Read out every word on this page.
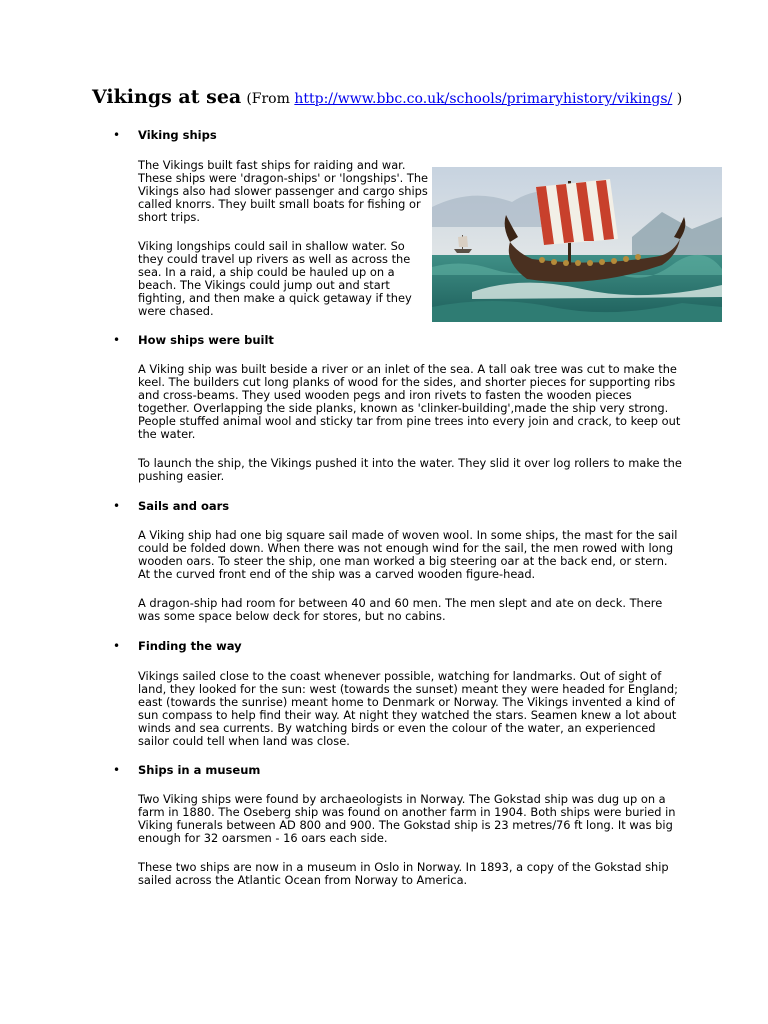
Vikings at sea (From http://www.bbc.co.uk/schools/primaryhistory/vikings/ )
• Viking ships
The Vikings built fast ships for raiding and war. These ships were 'dragon-ships' or 'longships'. The Vikings also had slower passenger and cargo ships called knorrs. They built small boats for fishing or short trips.
Viking longships could sail in shallow water. So they could travel up rivers as well as across the sea. In a raid, a ship could be hauled up on a beach. The Vikings could jump out and start fighting, and then make a quick getaway if they were chased.
• How ships were built
A Viking ship was built beside a river or an inlet of the sea. A tall oak tree was cut to make the keel. The builders cut long planks of wood for the sides, and shorter pieces for supporting ribs and cross-beams. They used wooden pegs and iron rivets to fasten the wooden pieces together. Overlapping the side planks, known as 'clinker-building',made the ship very strong. People stuffed animal wool and sticky tar from pine trees into every join and crack, to keep out the water.
To launch the ship, the Vikings pushed it into the water. They slid it over log rollers to make the pushing easier.
• Sails and oars
A Viking ship had one big square sail made of woven wool. In some ships, the mast for the sail could be folded down. When there was not enough wind for the sail, the men rowed with long wooden oars. To steer the ship, one man worked a big steering oar at the back end, or stern. At the curved front end of the ship was a carved wooden figure-head.
A dragon-ship had room for between 40 and 60 men. The men slept and ate on deck. There was some space below deck for stores, but no cabins.
• Finding the way
Vikings sailed close to the coast whenever possible, watching for landmarks. Out of sight of land, they looked for the sun: west (towards the sunset) meant they were headed for England; east (towards the sunrise) meant home to Denmark or Norway. The Vikings invented a kind of sun compass to help find their way. At night they watched the stars. Seamen knew a lot about winds and sea currents. By watching birds or even the colour of the water, an experienced sailor could tell when land was close.
• Ships in a museum
Two Viking ships were found by archaeologists in Norway. The Gokstad ship was dug up on a farm in 1880. The Oseberg ship was found on another farm in 1904. Both ships were buried in Viking funerals between AD 800 and 900. The Gokstad ship is 23 metres/76 ft long. It was big enough for 32 oarsmen - 16 oars each side.
These two ships are now in a museum in Oslo in Norway. In 1893, a copy of the Gokstad ship sailed across the Atlantic Ocean from Norway to America.
